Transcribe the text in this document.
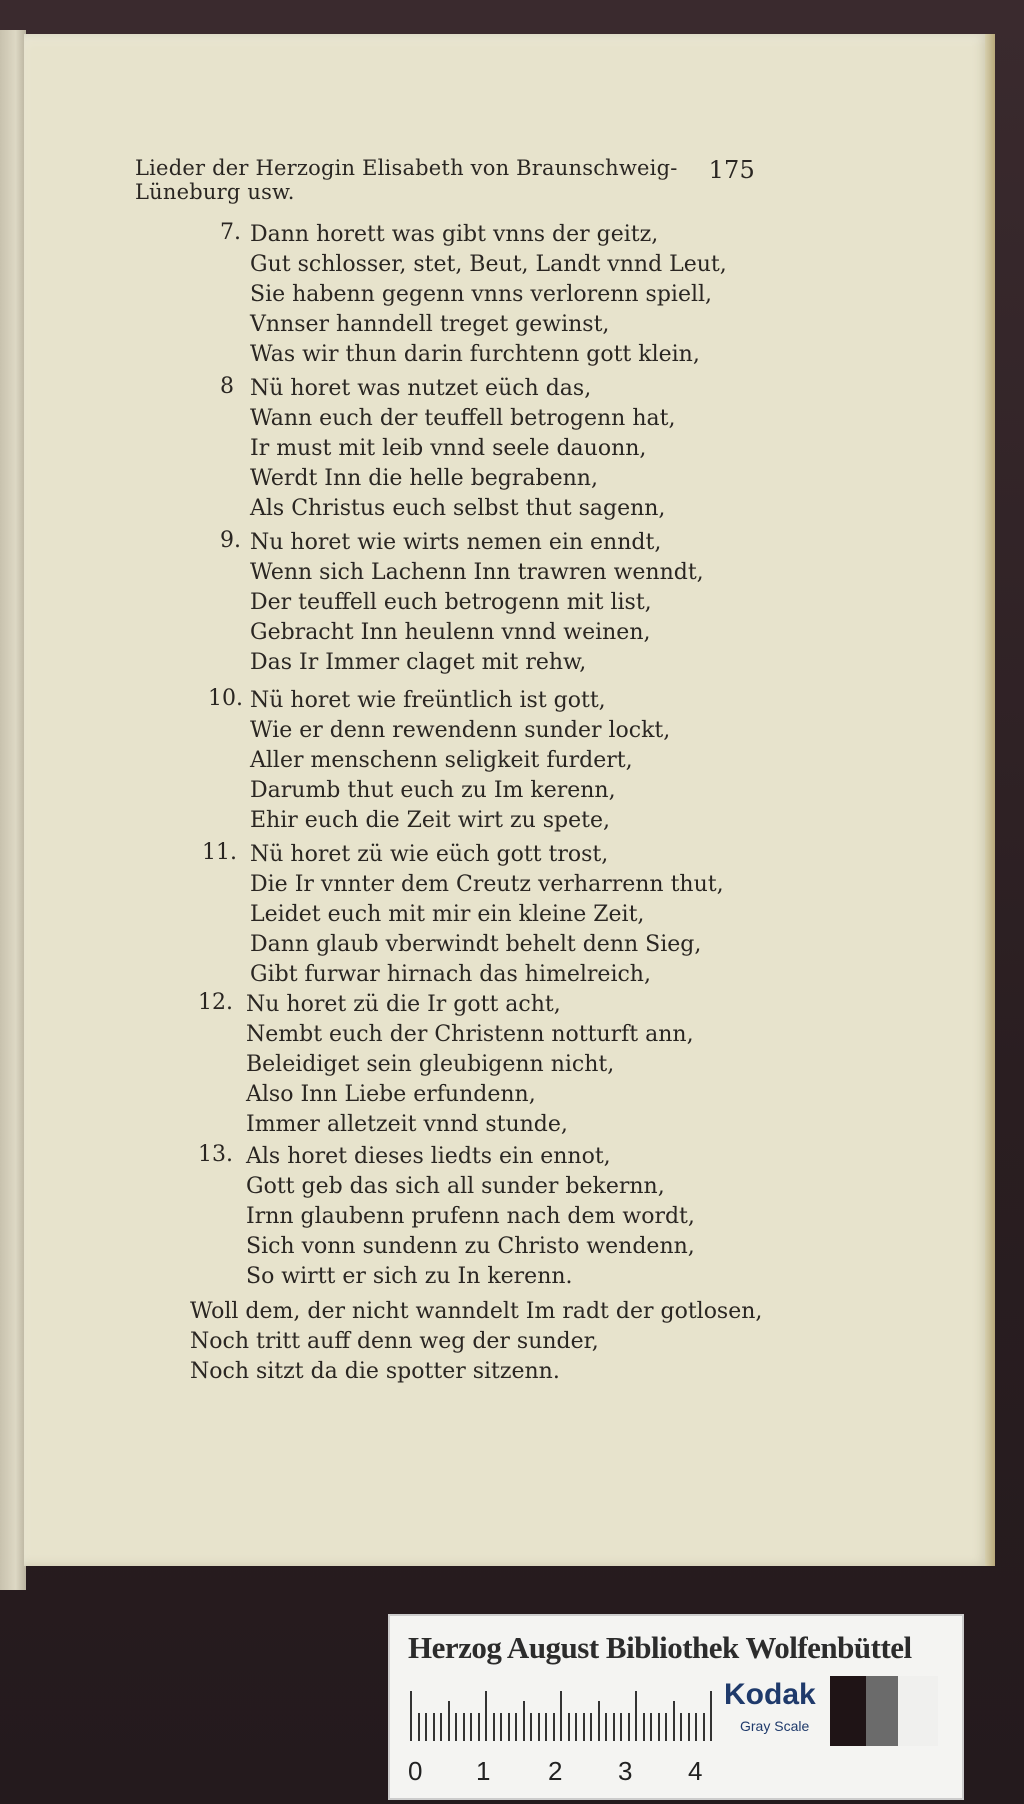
Lieder der Herzogin Elisabeth von Braunschweig-Lüneburg usw.
175
7. Dann horett was gibt vnns der geitz,
Gut schlosser, stet, Beut, Landt vnnd Leut,
Sie habenn gegenn vnns verlorenn spiell,
Vnnser hanndell treget gewinst,
Was wir thun darin furchtenn gott klein,
8 Nü horet was nutzet eüch das,
Wann euch der teuffell betrogenn hat,
Ir must mit leib vnnd seele dauonn,
Werdt Inn die helle begrabenn,
Als Christus euch selbst thut sagenn,
9. Nu horet wie wirts nemen ein enndt,
Wenn sich Lachenn Inn trawren wenndt,
Der teuffell euch betrogenn mit list,
Gebracht Inn heulenn vnnd weinen,
Das Ir Immer claget mit rehw,
10. Nü horet wie freüntlich ist gott,
Wie er denn rewendenn sunder lockt,
Aller menschenn seligkeit furdert,
Darumb thut euch zu Im kerenn,
Ehir euch die Zeit wirt zu spete,
11. Nü horet zü wie eüch gott trost,
Die Ir vnnter dem Creutz verharrenn thut,
Leidet euch mit mir ein kleine Zeit,
Dann glaub vberwindt behelt denn Sieg,
Gibt furwar hirnach das himelreich,
12. Nu horet zü die Ir gott acht,
Nembt euch der Christenn notturft ann,
Beleidiget sein gleubigenn nicht,
Also Inn Liebe erfundenn,
Immer alletzeit vnnd stunde,
13. Als horet dieses liedts ein ennot,
Gott geb das sich all sunder bekernn,
Irnn glaubenn prufenn nach dem wordt,
Sich vonn sundenn zu Christo wendenn,
So wirtt er sich zu In kerenn.
Woll dem, der nicht wanndelt Im radt der gotlosen,
Noch tritt auff denn weg der sunder,
Noch sitzt da die spotter sitzenn.
Herzog August Bibliothek Wolfenbüttel
0 1 2 3 4
Kodak
Gray Scale
